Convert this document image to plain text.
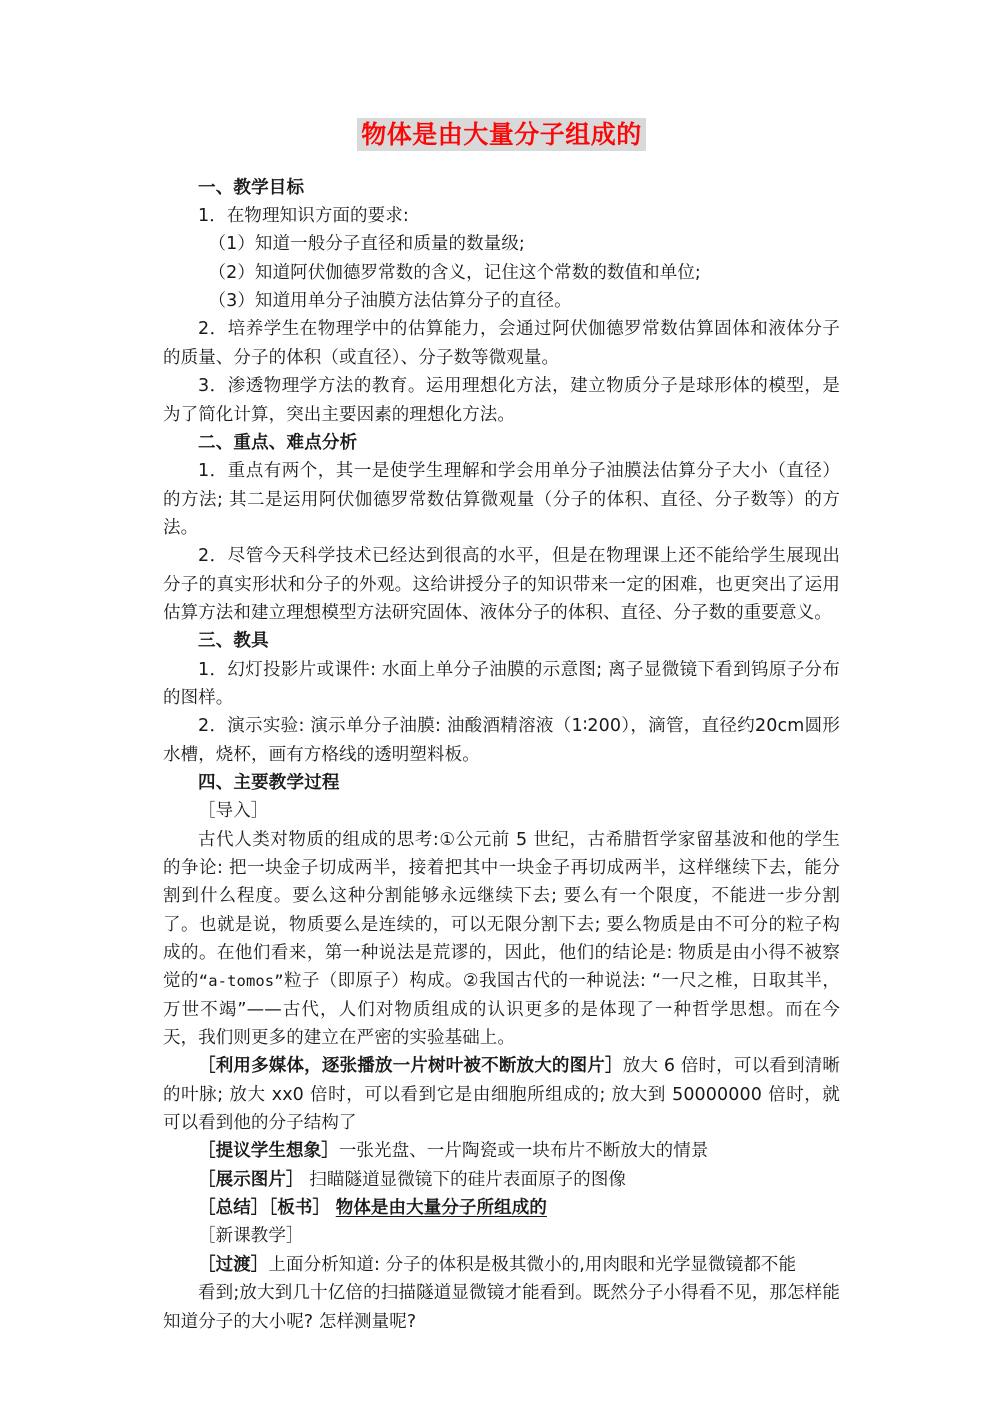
物体是由大量分子组成的
一、教学目标

1．在物理知识方面的要求:

（1）知道一般分子直径和质量的数量级;

（2）知道阿伏伽德罗常数的含义，记住这个常数的数值和单位;

（3）知道用单分子油膜方法估算分子的直径。

2．培养学生在物理学中的估算能力，会通过阿伏伽德罗常数估算固体和液体分子的质量、分子的体积（或直径）、分子数等微观量。

3．渗透物理学方法的教育。运用理想化方法，建立物质分子是球形体的模型，是为了简化计算，突出主要因素的理想化方法。

二、重点、难点分析

1．重点有两个，其一是使学生理解和学会用单分子油膜法估算分子大小（直径）的方法; 其二是运用阿伏伽德罗常数估算微观量（分子的体积、直径、分子数等）的方法。

2．尽管今天科学技术已经达到很高的水平，但是在物理课上还不能给学生展现出分子的真实形状和分子的外观。这给讲授分子的知识带来一定的困难，也更突出了运用估算方法和建立理想模型方法研究固体、液体分子的体积、直径、分子数的重要意义。

三、教具

1．幻灯投影片或课件: 水面上单分子油膜的示意图; 离子显微镜下看到钨原子分布的图样。

2．演示实验: 演示单分子油膜: 油酸酒精溶液（1∶200），滴管，直径约20cm圆形水槽，烧杯，画有方格线的透明塑料板。

四、主要教学过程

［导入］

古代人类对物质的组成的思考:①公元前 5 世纪，古希腊哲学家留基波和他的学生的争论: 把一块金子切成两半，接着把其中一块金子再切成两半，这样继续下去，能分割到什么程度。要么这种分割能够永远继续下去; 要么有一个限度，不能进一步分割了。也就是说，物质要么是连续的，可以无限分割下去; 要么物质是由不可分的粒子构成的。在他们看来，第一种说法是荒谬的，因此，他们的结论是: 物质是由小得不被察觉的“a-tomos”粒子（即原子）构成。②我国古代的一种说法: “一尺之椎，日取其半，万世不竭”——古代，人们对物质组成的认识更多的是体现了一种哲学思想。而在今天，我们则更多的建立在严密的实验基础上。

［利用多媒体，逐张播放一片树叶被不断放大的图片］放大 6 倍时，可以看到清晰的叶脉; 放大 xx0 倍时，可以看到它是由细胞所组成的; 放大到 50000000 倍时，就可以看到他的分子结构了

［提议学生想象］一张光盘、一片陶瓷或一块布片不断放大的情景

［展示图片］ 扫瞄隧道显微镜下的硅片表面原子的图像

［总结］［板书］ 物体是由大量分子所组成的

［新课教学］

［过渡］上面分析知道: 分子的体积是极其微小的,用肉眼和光学显微镜都不能

看到;放大到几十亿倍的扫描隧道显微镜才能看到。既然分子小得看不见，那怎样能知道分子的大小呢? 怎样测量呢?
